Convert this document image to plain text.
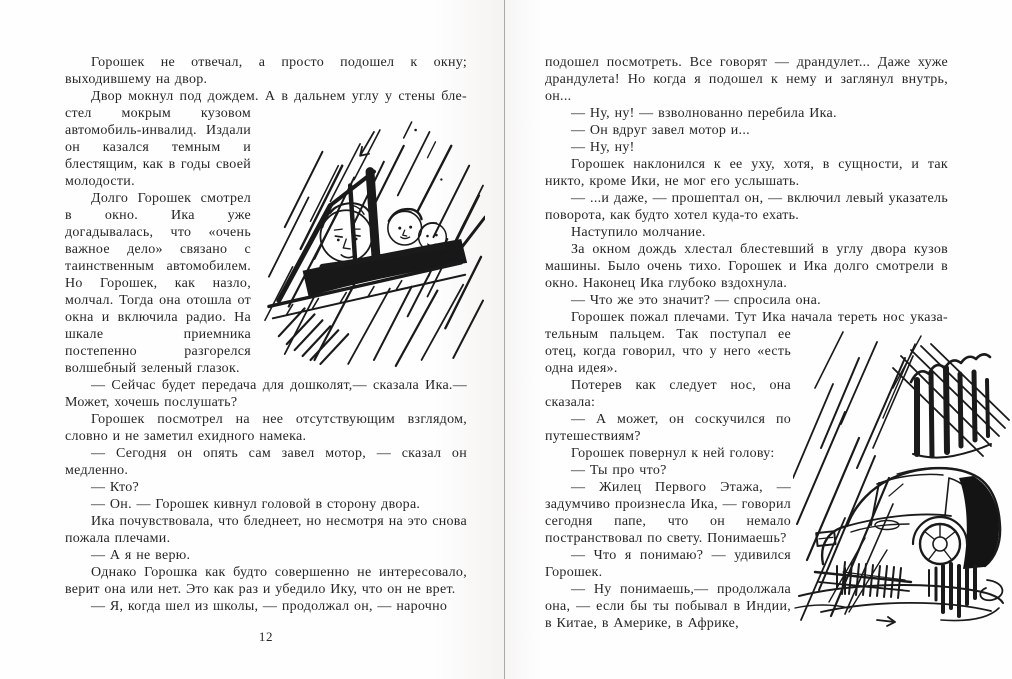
Горошек не отвечал, а просто подошел к окну; выходившему на двор.

Двор мокнул под дождем. А в дальнем углу у стены бле-

стел мокрым кузовом автомобиль-инвалид. Издали он казался темным и блестящим, как в годы своей молодости.

Долго Горошек смотрел в окно. Ика уже догадывалась, что «очень важное дело» связано с таинственным автомобилем. Но Горошек, как назло, молчал. Тогда она отошла от окна и включила радио. На шкале приемника постепенно разгорелся волшебный зеленый глазок.

— Сейчас будет передача для дошколят,— сказала Ика.— Может, хочешь послушать?

Горошек посмотрел на нее отсутствующим взглядом, словно и не заметил ехидного намека.

— Сегодня он опять сам завел мотор, — сказал он медленно.

— Кто?

— Он. — Горошек кивнул головой в сторону двора.

Ика почувствовала, что бледнеет, но несмотря на это снова пожала плечами.

— А я не верю.

Однако Горошка как будто совершенно не интересовало, верит она или нет. Это как раз и убедило Ику, что он не врет.

— Я, когда шел из школы, — продолжал он, — нарочно

12

подошел посмотреть. Все говорят — драндулет... Даже хуже драндулета! Но когда я подошел к нему и заглянул внутрь, он...

— Ну, ну! — взволнованно перебила Ика.

— Он вдруг завел мотор и...

— Ну, ну!

Горошек наклонился к ее уху, хотя, в сущности, и так никто, кроме Ики, не мог его услышать.

— ...и даже, — прошептал он, — включил левый указатель поворота, как будто хотел куда-то ехать.

Наступило молчание.

За окном дождь хлестал блестевший в углу двора кузов машины. Было очень тихо. Горошек и Ика долго смотрели в окно. Наконец Ика глубоко вздохнула.

— Что же это значит? — спросила она.

Горошек пожал плечами. Тут Ика начала тереть нос указа-

тельным пальцем. Так поступал ее отец, когда говорил, что у него «есть одна идея».

Потерев как следует нос, она сказала:

— А может, он соскучился по путешествиям?

Горошек повернул к ней голову:

— Ты про что?

— Жилец Первого Этажа, — задумчиво произнесла Ика, — говорил сегодня папе, что он немало постранствовал по свету. Понимаешь?

— Что я понимаю? — удивился Горошек.

— Ну понимаешь,— продолжала она, — если бы ты побывал в Индии, в Китае, в Америке, в Африке,
